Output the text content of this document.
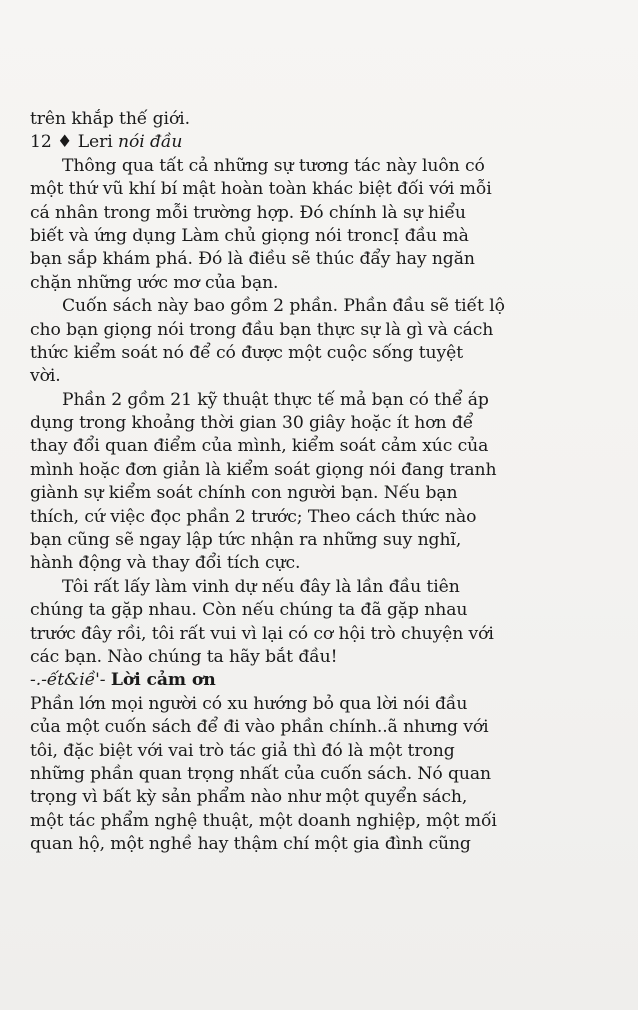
trên khắp thế giới.
12 ♦ Leri nói đầu
Thông qua tất cả những sự tương tác này luôn có
một thứ vũ khí bí mật hoàn toàn khác biệt đối với mỗi
cá nhân trong mỗi trường hợp. Đó chính là sự hiểu
biết và ứng dụng Làm chủ giọng nói troncỊ đầu mà
bạn sắp khám phá. Đó là điều sẽ thúc đẩy hay ngăn
chặn những ước mơ của bạn.
Cuốn sách này bao gồm 2 phần. Phần đầu sẽ tiết lộ
cho bạn giọng nói trong đầu bạn thực sự là gì và cách
thức kiểm soát nó để có được một cuộc sống tuyệt
vời.
Phần 2 gồm 21 kỹ thuật thực tế mả bạn có thể áp
dụng trong khoảng thời gian 30 giây hoặc ít hơn để
thay đổi quan điểm của mình, kiểm soát cảm xúc của
mình hoặc đơn giản là kiểm soát giọng nói đang tranh
giành sự kiểm soát chính con người bạn. Nếu bạn
thích, cứ việc đọc phần 2 trước; Theo cách thức nào
bạn cũng sẽ ngay lập tức nhận ra những suy nghĩ,
hành động và thay đổi tích cực.
Tôi rất lấy làm vinh dự nếu đây là lần đầu tiên
chúng ta gặp nhau. Còn nếu chúng ta đã gặp nhau
trước đây rồi, tôi rất vui vì lại có cơ hội trò chuyện với
các bạn. Nào chúng ta hãy bắt đầu!
-.-ết&iề'- Lời cảm ơn
Phần lớn mọi người có xu hướng bỏ qua lời nói đầu
của một cuốn sách để đi vào phần chính..ã nhưng với
tôi, đặc biệt với vai trò tác giả thì đó là một trong
những phần quan trọng nhất của cuốn sách. Nó quan
trọng vì bất kỳ sản phẩm nào như một quyển sách,
một tác phẩm nghệ thuật, một doanh nghiệp, một mối
quan hộ, một nghề hay thậm chí một gia đình cũng
